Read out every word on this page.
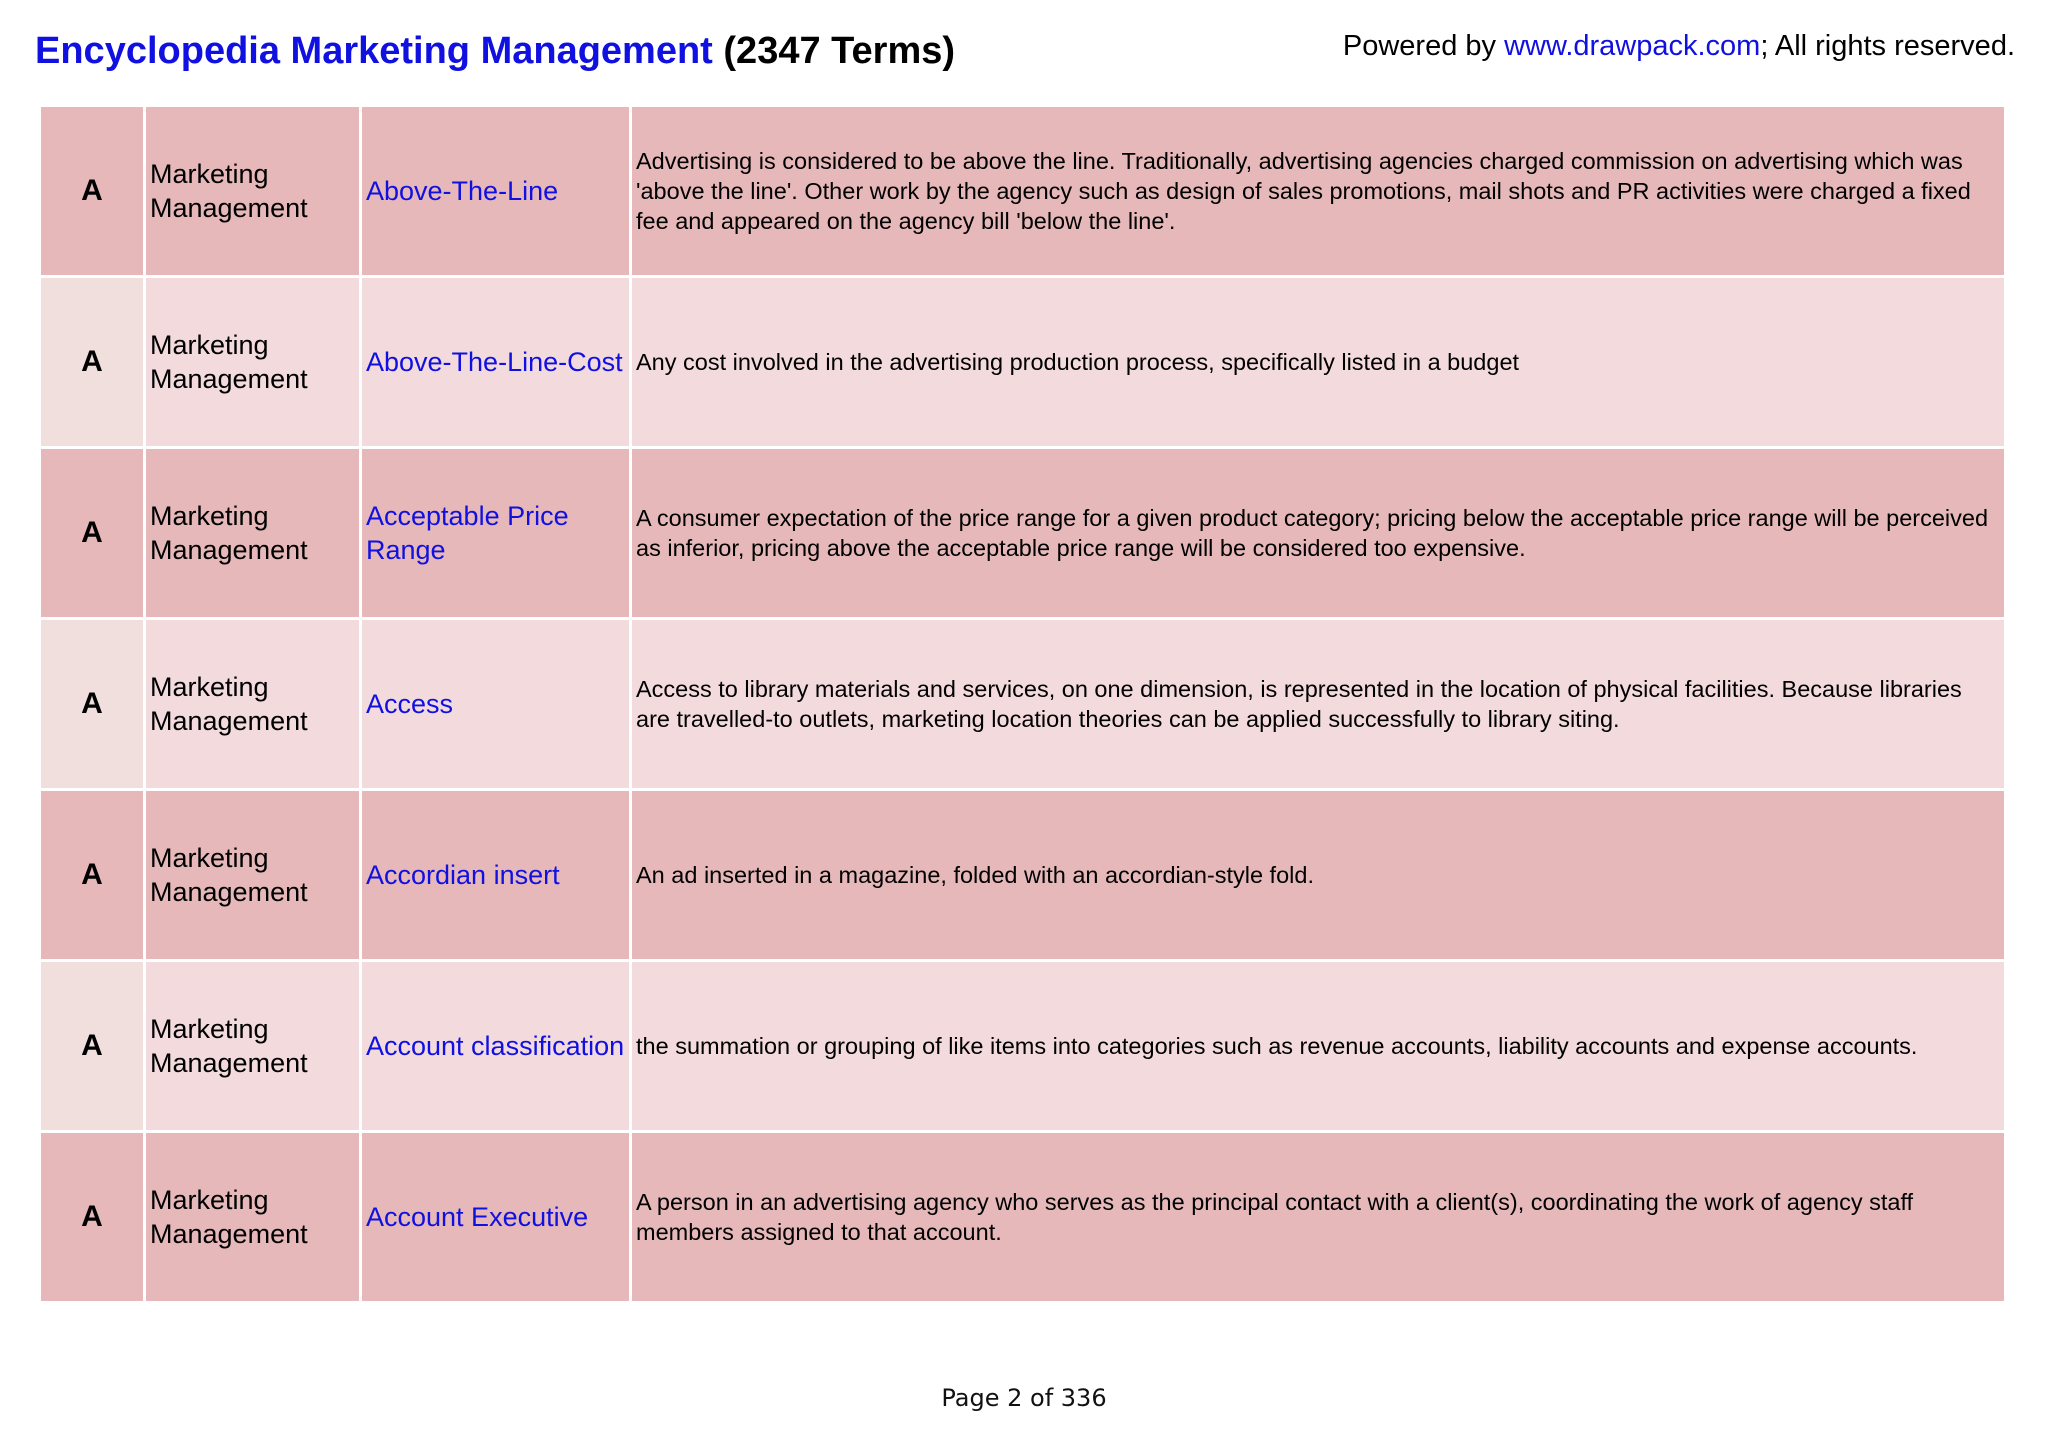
Encyclopedia Marketing Management (2347 Terms)	Powered by www.drawpack.com; All rights reserved.
A	Marketing Management	Above-The-Line	Advertising is considered to be above the line. Traditionally, advertising agencies charged commission on advertising which was 'above the line'. Other work by the agency such as design of sales promotions, mail shots and PR activities were charged a fixed fee and appeared on the agency bill 'below the line'.
A	Marketing Management	Above-The-Line-Cost	Any cost involved in the advertising production process, specifically listed in a budget
A	Marketing Management	Acceptable Price Range	A consumer expectation of the price range for a given product category; pricing below the acceptable price range will be perceived as inferior, pricing above the acceptable price range will be considered too expensive.
A	Marketing Management	Access	Access to library materials and services, on one dimension, is represented in the location of physical facilities. Because libraries are travelled-to outlets, marketing location theories can be applied successfully to library siting.
A	Marketing Management	Accordian insert	An ad inserted in a magazine, folded with an accordian-style fold.
A	Marketing Management	Account classification	the summation or grouping of like items into categories such as revenue accounts, liability accounts and expense accounts.
A	Marketing Management	Account Executive	A person in an advertising agency who serves as the principal contact with a client(s), coordinating the work of agency staff members assigned to that account.
Page 2 of 336
